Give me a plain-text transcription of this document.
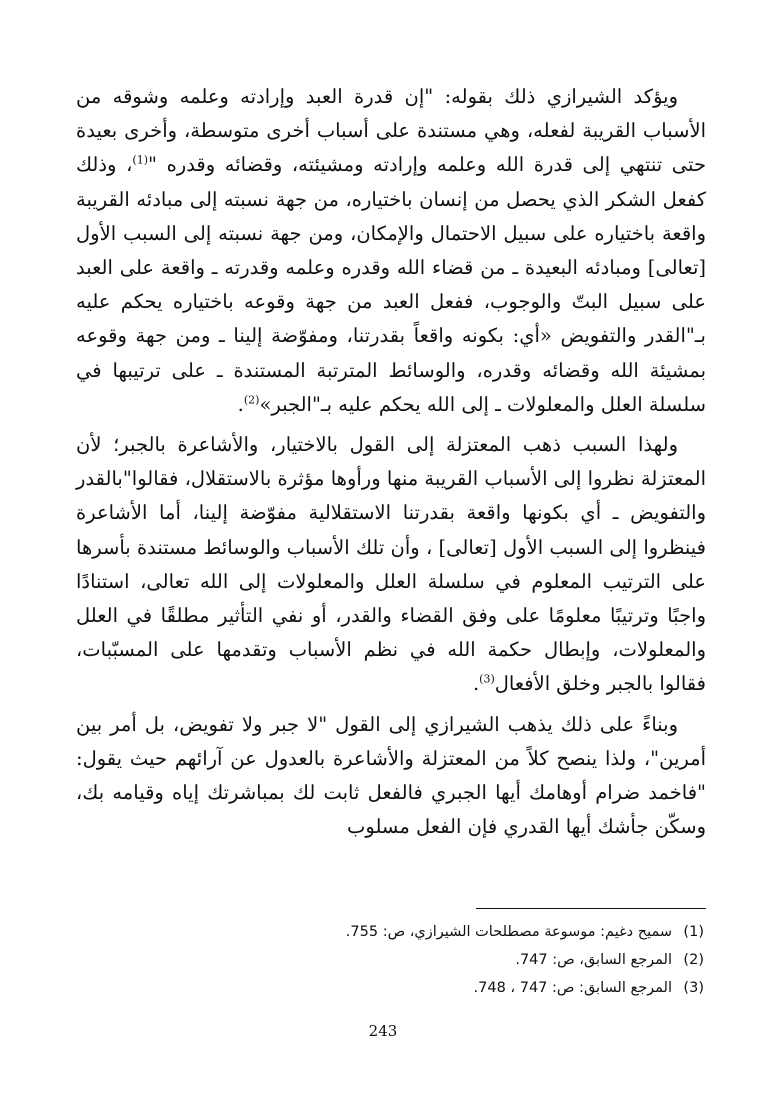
ويؤكد الشيرازي ذلك بقوله: "إن قدرة العبد وإرادته وعلمه وشوقه من الأسباب القريبة لفعله، وهي مستندة على أسباب أخرى متوسطة، وأخرى بعيدة حتى تنتهي إلى قدرة الله وعلمه وإرادته ومشيئته، وقضائه وقدره "$^{(1)}$، وذلك كفعل الشكر الذي يحصل من إنسان باختياره، من جهة نسبته إلى مبادئه القريبة واقعة باختياره على سبيل الاحتمال والإمكان، ومن جهة نسبته إلى السبب الأول [تعالى] ومبادئه البعيدة ـ من قضاء الله وقدره وعلمه وقدرته ـ واقعة على العبد على سبيل البتّ والوجوب، ففعل العبد من جهة وقوعه باختياره يحكم عليه بـ"القدر والتفويض «أي: بكونه واقعاً بقدرتنا، ومفوّضة إلينا ـ ومن جهة وقوعه بمشيئة الله وقضائه وقدره، والوسائط المترتبة المستندة ـ على ترتيبها في سلسلة العلل والمعلولات ـ إلى الله يحكم عليه بـ"الجبر»$^{(2)}$.

ولهذا السبب ذهب المعتزلة إلى القول بالاختيار، والأشاعرة بالجبر؛ لأن المعتزلة نظروا إلى الأسباب القريبة منها ورأوها مؤثرة بالاستقلال، فقالوا"بالقدر والتفويض ـ أي بكونها واقعة بقدرتنا الاستقلالية مفوّضة إلينا، أما الأشاعرة فينظروا إلى السبب الأول [تعالى] ، وأن تلك الأسباب والوسائط مستندة بأسرها على الترتيب المعلوم في سلسلة العلل والمعلولات إلى الله تعالى، استنادًا واجبًا وترتيبًا معلومًا على وفق القضاء والقدر، أو نفي التأثير مطلقًا في العلل والمعلولات، وإبطال حكمة الله في نظم الأسباب وتقدمها على المسبّبات، فقالوا بالجبر وخلق الأفعال$^{(3)}$.

وبناءً على ذلك يذهب الشيرازي إلى القول "لا جبر ولا تفويض، بل أمر بين أمرين"، ولذا ينصح كلاً من المعتزلة والأشاعرة بالعدول عن آرائهم حيث يقول: "فاخمد ضرام أوهامك أيها الجبري فالفعل ثابت لك بمباشرتك إياه وقيامه بك، وسكّن جأشك أيها القدري فإن الفعل مسلوب

(1)
سميح دغيم: موسوعة مصطلحات الشيرازي، ص: 755.
(2)
المرجع السابق، ص: 747.
(3)
المرجع السابق: ص: 747 ، 748.
243
